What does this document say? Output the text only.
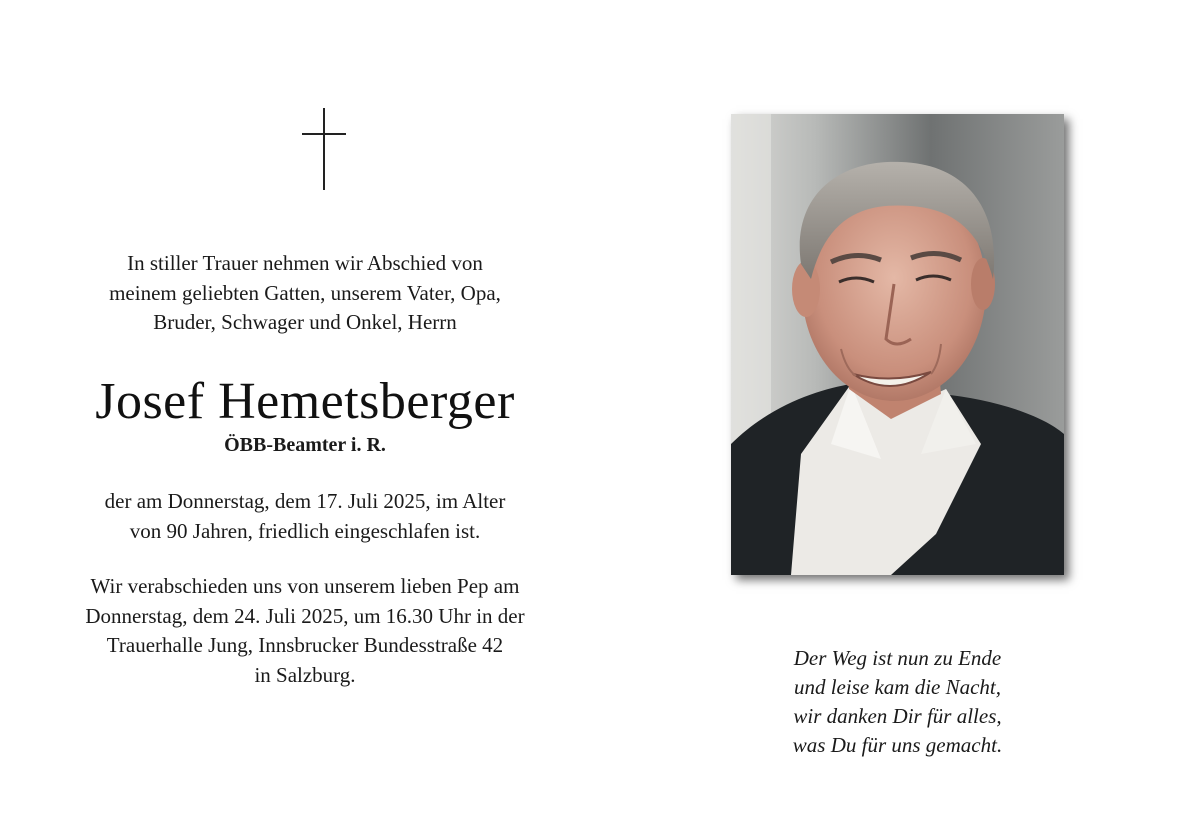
In stiller Trauer nehmen wir Abschied von
meinem geliebten Gatten, unserem Vater, Opa,
Bruder, Schwager und Onkel, Herrn
Josef Hemetsberger
ÖBB-Beamter i. R.
der am Donnerstag, dem 17. Juli 2025, im Alter
von 90 Jahren, friedlich eingeschlafen ist.
Wir verabschieden uns von unserem lieben Pep am
Donnerstag, dem 24. Juli 2025, um 16.30 Uhr in der
Trauerhalle Jung, Innsbrucker Bundesstraße 42
in Salzburg.
Der Weg ist nun zu Ende
und leise kam die Nacht,
wir danken Dir für alles,
was Du für uns gemacht.
